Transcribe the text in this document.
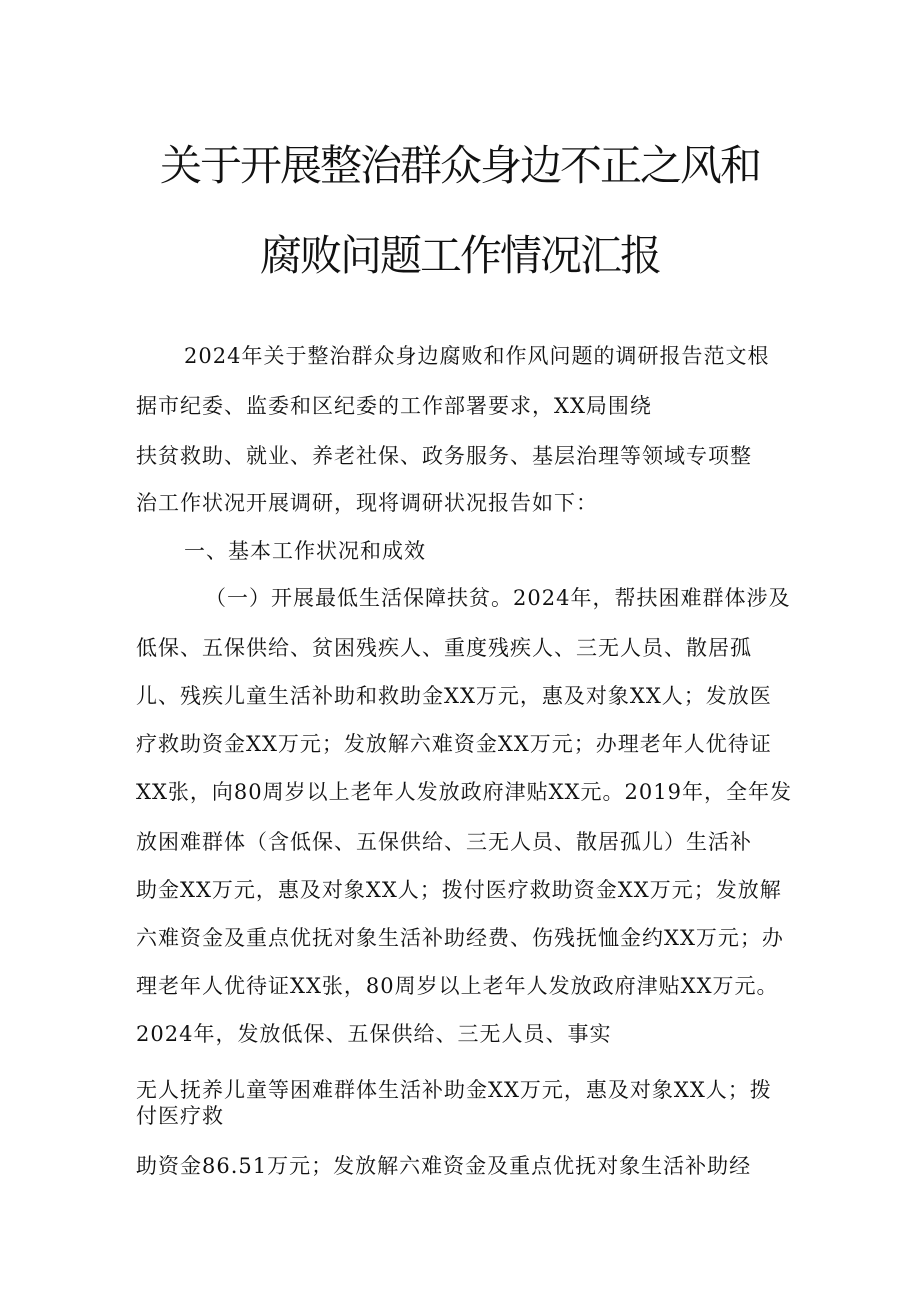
关于开展整治群众身边不正之风和
腐败问题工作情况汇报
2024年关于整治群众身边腐败和作风问题的调研报告范文根
据市纪委、监委和区纪委的工作部署要求，XX局围绕
扶贫救助、就业、养老社保、政务服务、基层治理等领域专项整
治工作状况开展调研，现将调研状况报告如下：
一、基本工作状况和成效
（一）开展最低生活保障扶贫。2024年，帮扶困难群体涉及
低保、五保供给、贫困残疾人、重度残疾人、三无人员、散居孤
儿、残疾儿童生活补助和救助金XX万元，惠及对象XX人；发放医
疗救助资金XX万元；发放解六难资金XX万元；办理老年人优待证
XX张，向80周岁以上老年人发放政府津贴XX元。2019年，全年发
放困难群体（含低保、五保供给、三无人员、散居孤儿）生活补
助金XX万元，惠及对象XX人；拨付医疗救助资金XX万元；发放解
六难资金及重点优抚对象生活补助经费、伤残抚恤金约XX万元；办
理老年人优待证XX张，80周岁以上老年人发放政府津贴XX万元。
2024年，发放低保、五保供给、三无人员、事实
无人抚养儿童等困难群体生活补助金XX万元，惠及对象XX人；拨
付医疗救
助资金86.51万元；发放解六难资金及重点优抚对象生活补助经
